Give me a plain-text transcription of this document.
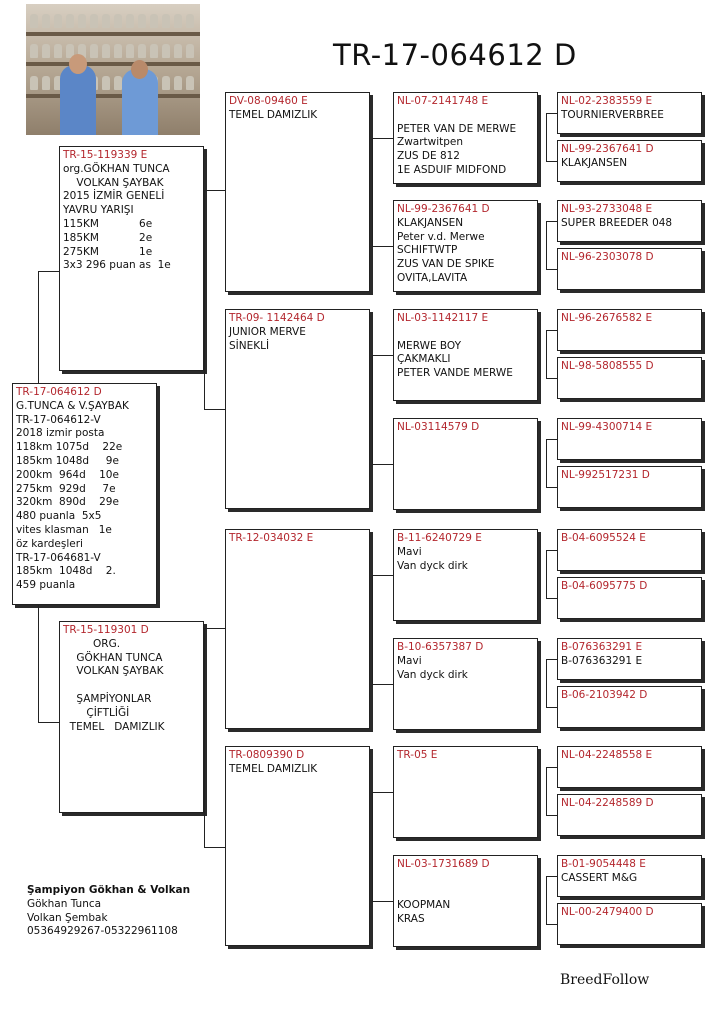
TR-17-064612 D
TR-17-064612 D
G.TUNCA & V.ŞAYBAK
TR-17-064612-V
2018 izmir posta
118km 1075d    22e
185km 1048d     9e
200km  964d    10e
275km  929d     7e
320km  890d    29e
480 puanla  5x5
vites klasman   1e
öz kardeşleri
TR-17-064681-V
185km  1048d    2.
459 puanla
TR-15-119339 E
org.GÖKHAN TUNCA
VOLKAN ŞAYBAK
2015 İZMİR GENELİ
YAVRU YARIŞI
115KM            6e
185KM            2e
275KM            1e
3x3 296 puan as  1e
TR-15-119301 D
ORG.
GÖKHAN TUNCA
VOLKAN ŞAYBAK

ŞAMPİYONLAR
ÇİFTLİĞİ
TEMEL   DAMIZLIK
DV-08-09460 E
TEMEL DAMIZLIK
TR-09- 1142464 D
JUNIOR MERVE
SİNEKLİ
TR-12-034032 E
TR-0809390 D
TEMEL DAMIZLIK
NL-07-2141748 E

PETER VAN DE MERWE
Zwartwitpen
ZUS DE 812
1E ASDUIF MIDFOND
NL-99-2367641 D
KLAKJANSEN
Peter v.d. Merwe
SCHIFTWTP
ZUS VAN DE SPIKE
OVITA,LAVITA
NL-03-1142117 E

MERWE BOY
ÇAKMAKLI
PETER VANDE MERWE
NL-03114579 D
B-11-6240729 E
Mavi
Van dyck dirk
B-10-6357387 D
Mavi
Van dyck dirk
TR-05 E
NL-03-1731689 D

KOOPMAN
KRAS
NL-02-2383559 E
TOURNIERVERBREE
NL-99-2367641 D
KLAKJANSEN
NL-93-2733048 E
SUPER BREEDER 048
NL-96-2303078 D
NL-96-2676582 E
NL-98-5808555 D
NL-99-4300714 E
NL-992517231 D
B-04-6095524 E
B-04-6095775 D
B-076363291 E
B-076363291 E
B-06-2103942 D
NL-04-2248558 E
NL-04-2248589 D
B-01-9054448 E
CASSERT M&G
NL-00-2479400 D
Şampiyon Gökhan & Volkan
Gökhan Tunca
Volkan Şembak
05364929267-05322961108
BreedFollow
